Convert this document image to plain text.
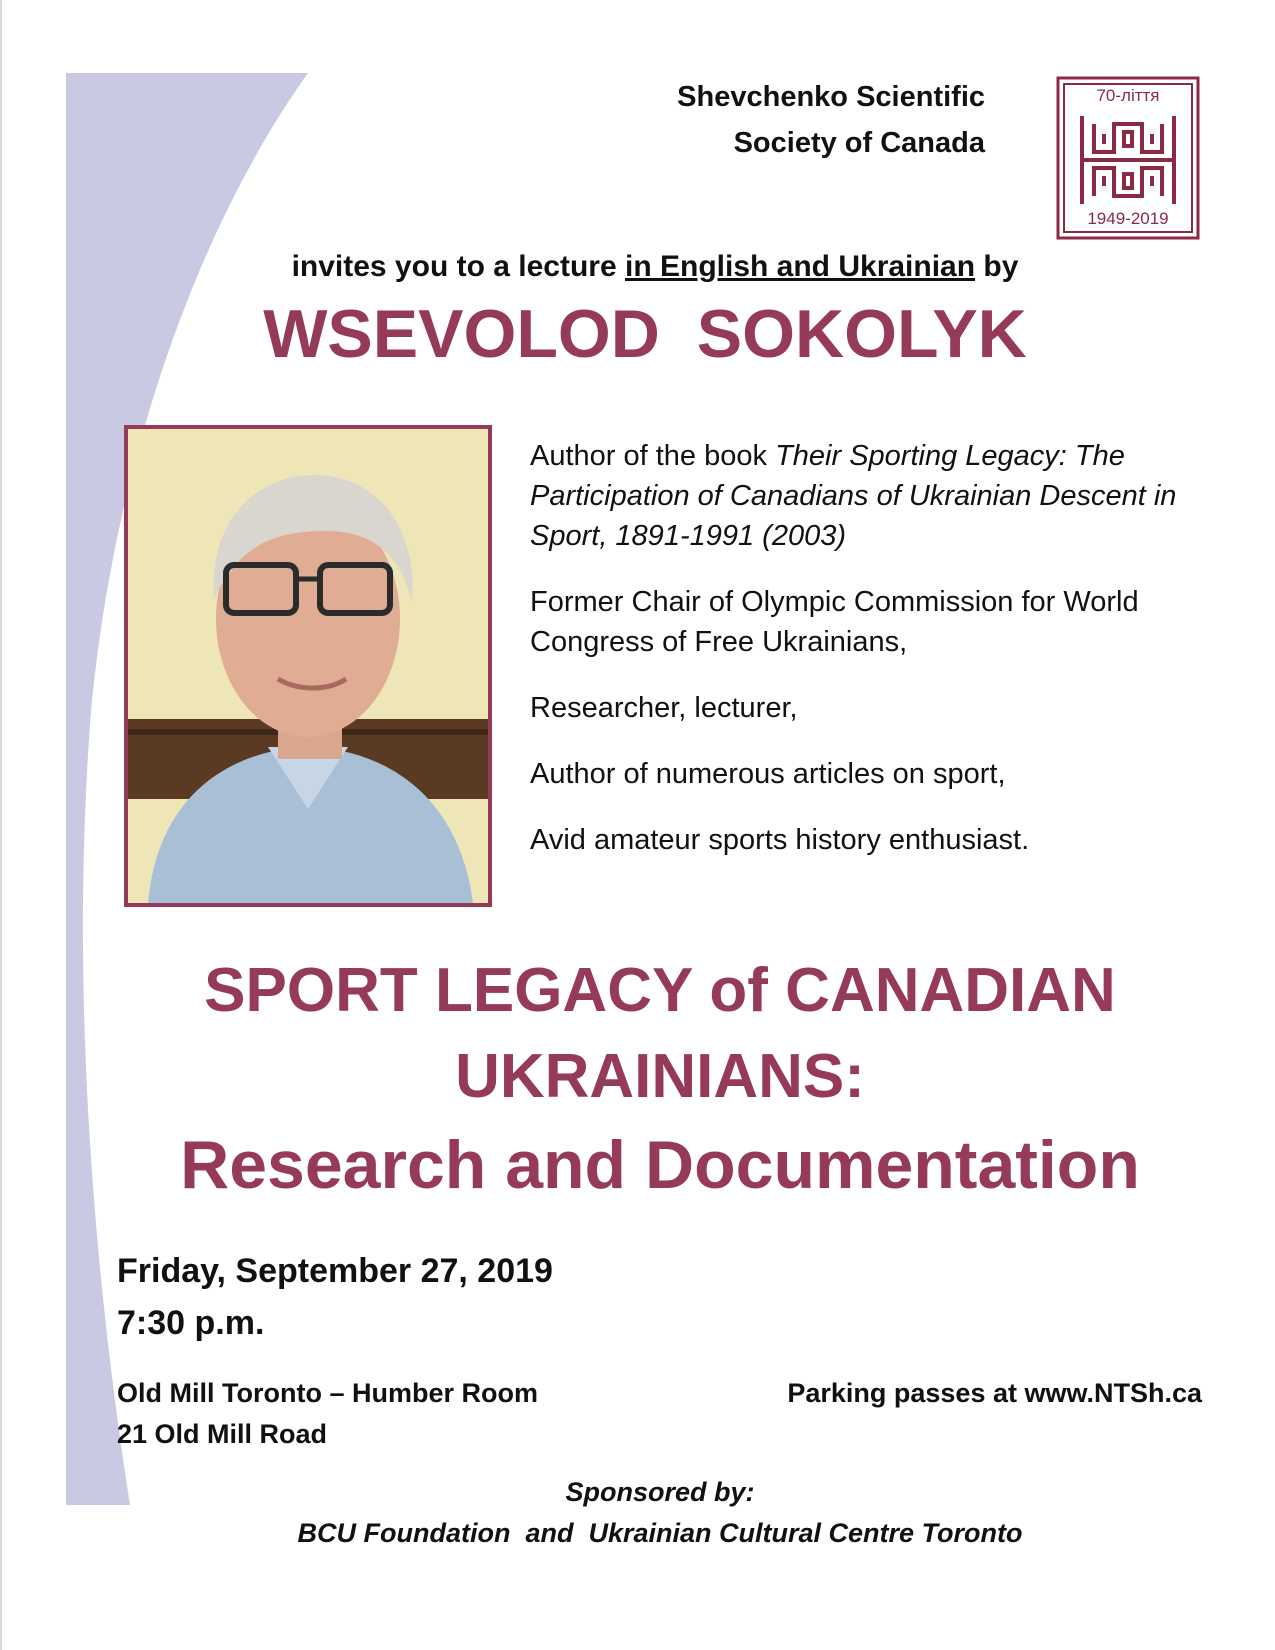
Shevchenko Scientific
Society of Canada
70-ліття
1949-2019
invites you to a lecture in English and Ukrainian by
WSEVOLOD SOKOLYK

Author of the book Their Sporting Legacy: The Participation of Canadians of Ukrainian Descent in Sport, 1891-1991 (2003)

Former Chair of Olympic Commission for World Congress of Free Ukrainians,

Researcher, lecturer,

Author of numerous articles on sport,

Avid amateur sports history enthusiast.

SPORT LEGACY of CANADIAN
UKRAINIANS:
Research and Documentation
Friday, September 27, 2019
7:30 p.m.
Old Mill Toronto – Humber Room
21 Old Mill Road
Parking passes at www.NTSh.ca
Sponsored by:
BCU Foundation  and  Ukrainian Cultural Centre Toronto
